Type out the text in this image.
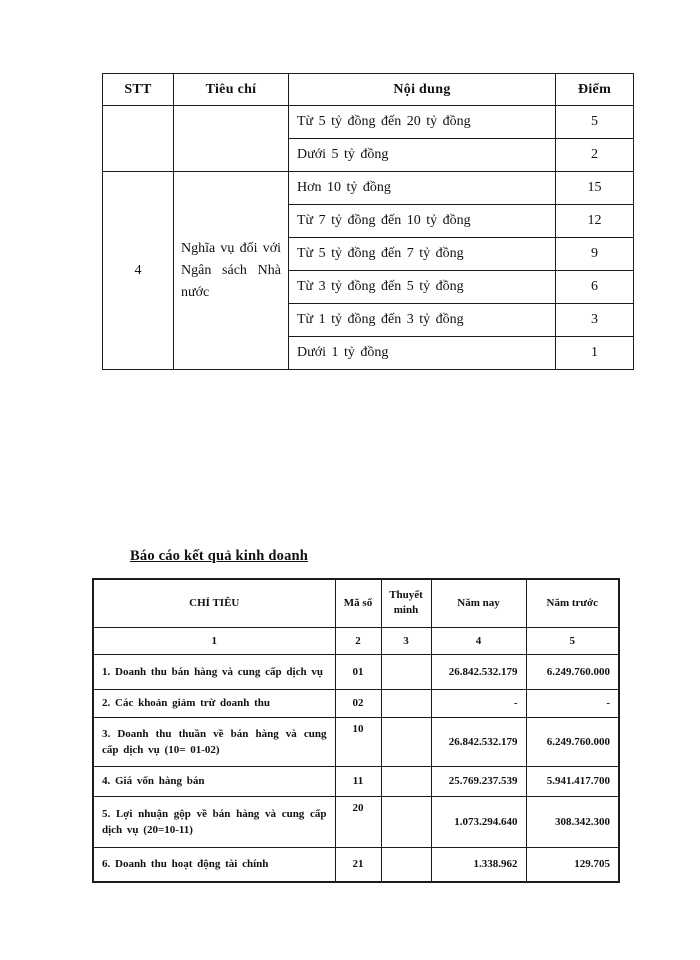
STT	Tiêu chí	Nội dung	Điểm
		Từ 5 tỷ đồng đến 20 tỷ đồng	5
		Dưới 5 tỷ đồng	2
4	Nghĩa vụ đối với Ngân sách Nhà nước	Hơn 10 tỷ đồng	15
		Từ 7 tỷ đồng đến 10 tỷ đồng	12
		Từ 5 tỷ đồng đến 7 tỷ đồng	9
		Từ 3 tỷ đồng đến 5 tỷ đồng	6
		Từ 1 tỷ đồng đến 3 tỷ đồng	3
		Dưới 1 tỷ đồng	1
Báo cáo kết quả kinh doanh
CHỈ TIÊU	Mã số	Thuyết minh	Năm nay	Năm trước
1	2	3	4	5
1. Doanh thu bán hàng và cung cấp dịch vụ	01		26.842.532.179	6.249.760.000
2. Các khoản giảm trừ doanh thu	02		-	-
3. Doanh thu thuần về bán hàng và cung cấp dịch vụ (10= 01-02)	10		26.842.532.179	6.249.760.000
4. Giá vốn hàng bán	11		25.769.237.539	5.941.417.700
5. Lợi nhuận gộp về bán hàng và cung cấp dịch vụ (20=10-11)	20		1.073.294.640	308.342.300
6. Doanh thu hoạt động tài chính	21		1.338.962	129.705
